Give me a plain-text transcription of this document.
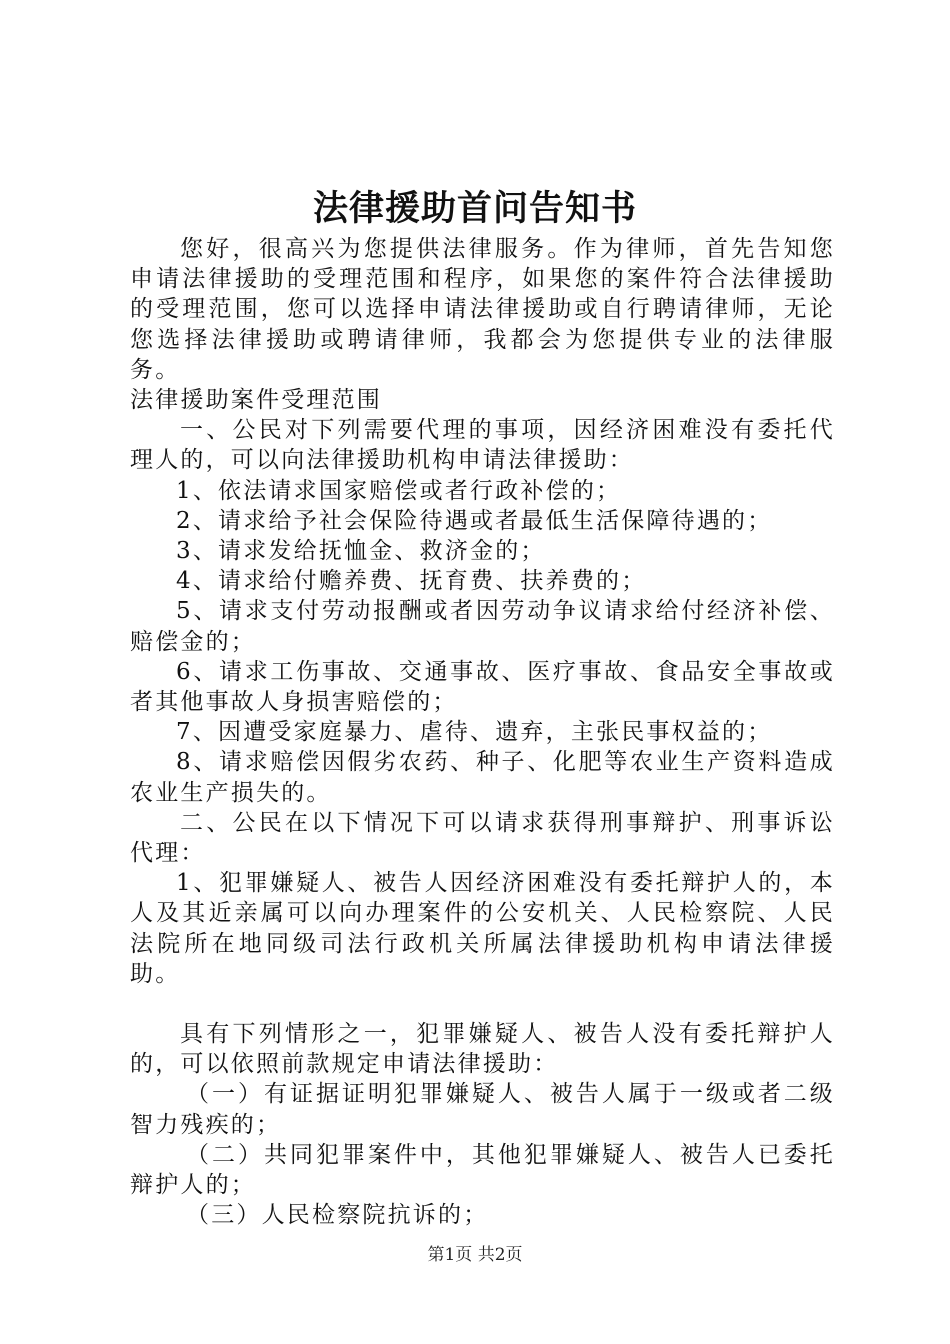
法律援助首问告知书

您好，很高兴为您提供法律服务。作为律师，首先告知您申请法律援助的受理范围和程序，如果您的案件符合法律援助的受理范围，您可以选择申请法律援助或自行聘请律师，无论您选择法律援助或聘请律师，我都会为您提供专业的法律服务。

法律援助案件受理范围

一、公民对下列需要代理的事项，因经济困难没有委托代理人的，可以向法律援助机构申请法律援助：

1、依法请求国家赔偿或者行政补偿的；

2、请求给予社会保险待遇或者最低生活保障待遇的；

3、请求发给抚恤金、救济金的；

4、请求给付赡养费、抚育费、扶养费的；

5、请求支付劳动报酬或者因劳动争议请求给付经济补偿、赔偿金的；

6、请求工伤事故、交通事故、医疗事故、食品安全事故或者其他事故人身损害赔偿的；

7、因遭受家庭暴力、虐待、遗弃，主张民事权益的；

8、请求赔偿因假劣农药、种子、化肥等农业生产资料造成农业生产损失的。

二、公民在以下情况下可以请求获得刑事辩护、刑事诉讼代理：

1、犯罪嫌疑人、被告人因经济困难没有委托辩护人的，本人及其近亲属可以向办理案件的公安机关、人民检察院、人民法院所在地同级司法行政机关所属法律援助机构申请法律援助。

具有下列情形之一，犯罪嫌疑人、被告人没有委托辩护人的，可以依照前款规定申请法律援助：

（一）有证据证明犯罪嫌疑人、被告人属于一级或者二级智力残疾的；

（二）共同犯罪案件中，其他犯罪嫌疑人、被告人已委托辩护人的；

（三）人民检察院抗诉的；

第1页 共2页
